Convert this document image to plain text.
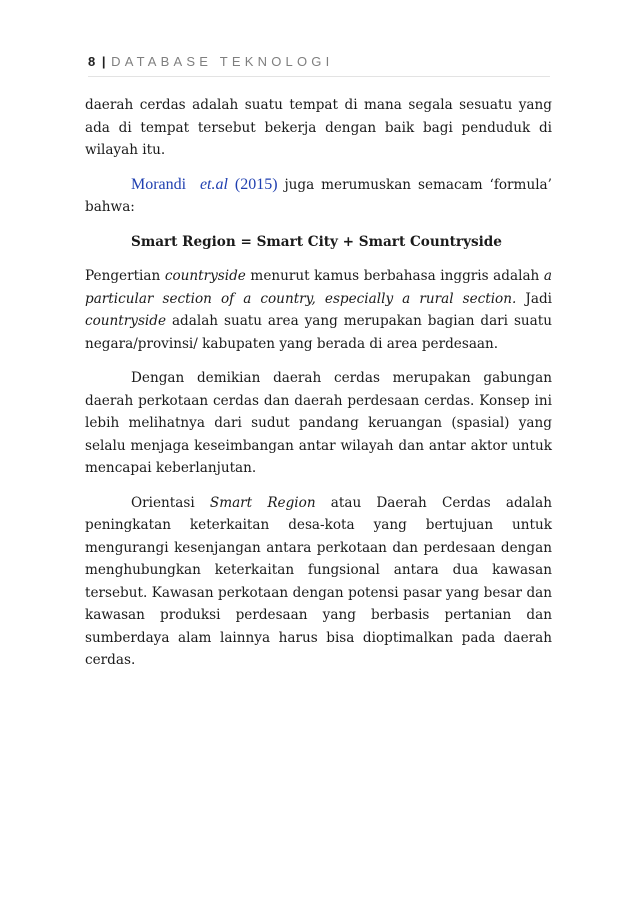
8 | DATABASE TEKNOLOGI

daerah cerdas adalah suatu tempat di mana segala sesuatu yang ada di tempat tersebut bekerja dengan baik bagi penduduk di wilayah itu.

Morandi et.al (2015) juga merumuskan semacam ‘formula’ bahwa:

Smart Region = Smart City + Smart Countryside

Pengertian countryside menurut kamus berbahasa inggris adalah a particular section of a country, especially a rural section. Jadi countryside adalah suatu area yang merupakan bagian dari suatu negara/provinsi/ kabupaten yang berada di area perdesaan.

Dengan demikian daerah cerdas merupakan gabungan daerah perkotaan cerdas dan daerah perdesaan cerdas. Konsep ini lebih melihatnya dari sudut pandang keruangan (spasial) yang selalu menjaga keseimbangan antar wilayah dan antar aktor untuk mencapai keberlanjutan.

Orientasi Smart Region atau Daerah Cerdas adalah peningkatan keterkaitan desa-kota yang bertujuan untuk mengurangi kesenjangan antara perkotaan dan perdesaan dengan menghubungkan keterkaitan fungsional antara dua kawasan tersebut. Kawasan perkotaan dengan potensi pasar yang besar dan kawasan produksi perdesaan yang berbasis pertanian dan sumberdaya alam lainnya harus bisa dioptimalkan pada daerah cerdas.
